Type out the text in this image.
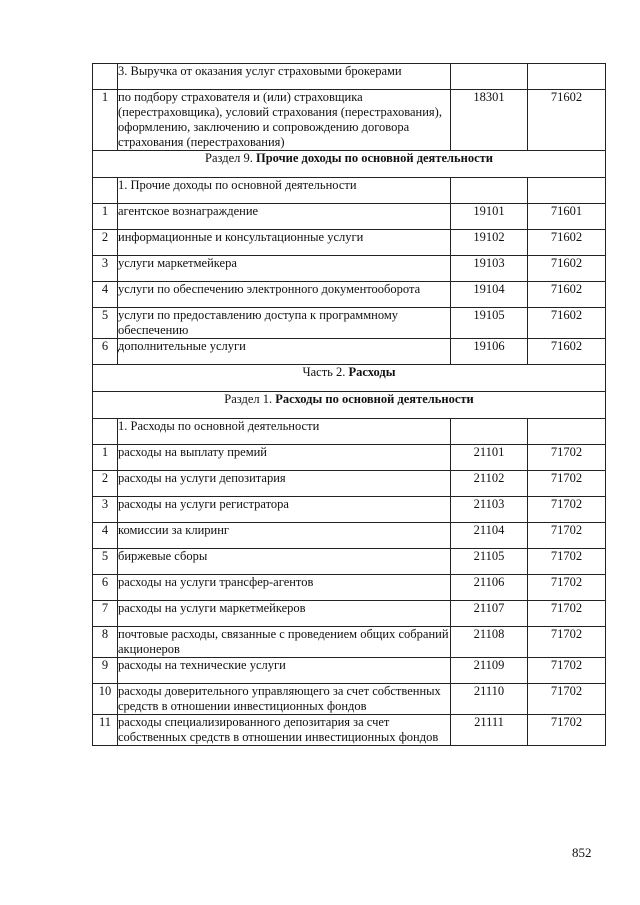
	3. Выручка от оказания услуг страховыми брокерами		
1	по подбору страхователя и (или) страховщика (перестраховщика), условий страхования (перестрахования), оформлению, заключению и сопровождению договора страхования (перестрахования)	18301	71602
Раздел 9. Прочие доходы по основной деятельности			
	1. Прочие доходы по основной деятельности		
1	агентское вознаграждение	19101	71601
2	информационные и консультационные услуги	19102	71602
3	услуги маркетмейкера	19103	71602
4	услуги по обеспечению электронного документооборота	19104	71602
5	услуги по предоставлению доступа к программному обеспечению	19105	71602
6	дополнительные услуги	19106	71602
Часть 2. Расходы			
Раздел 1. Расходы по основной деятельности			
	1. Расходы по основной деятельности		
1	расходы на выплату премий	21101	71702
2	расходы на услуги депозитария	21102	71702
3	расходы на услуги регистратора	21103	71702
4	комиссии за клиринг	21104	71702
5	биржевые сборы	21105	71702
6	расходы на услуги трансфер-агентов	21106	71702
7	расходы на услуги маркетмейкеров	21107	71702
8	почтовые расходы, связанные с проведением общих собраний акционеров	21108	71702
9	расходы на технические услуги	21109	71702
10	расходы доверительного управляющего за счет собственных средств в отношении инвестиционных фондов	21110	71702
11	расходы специализированного депозитария за счет собственных средств в отношении инвестиционных фондов	21111	71702
852
